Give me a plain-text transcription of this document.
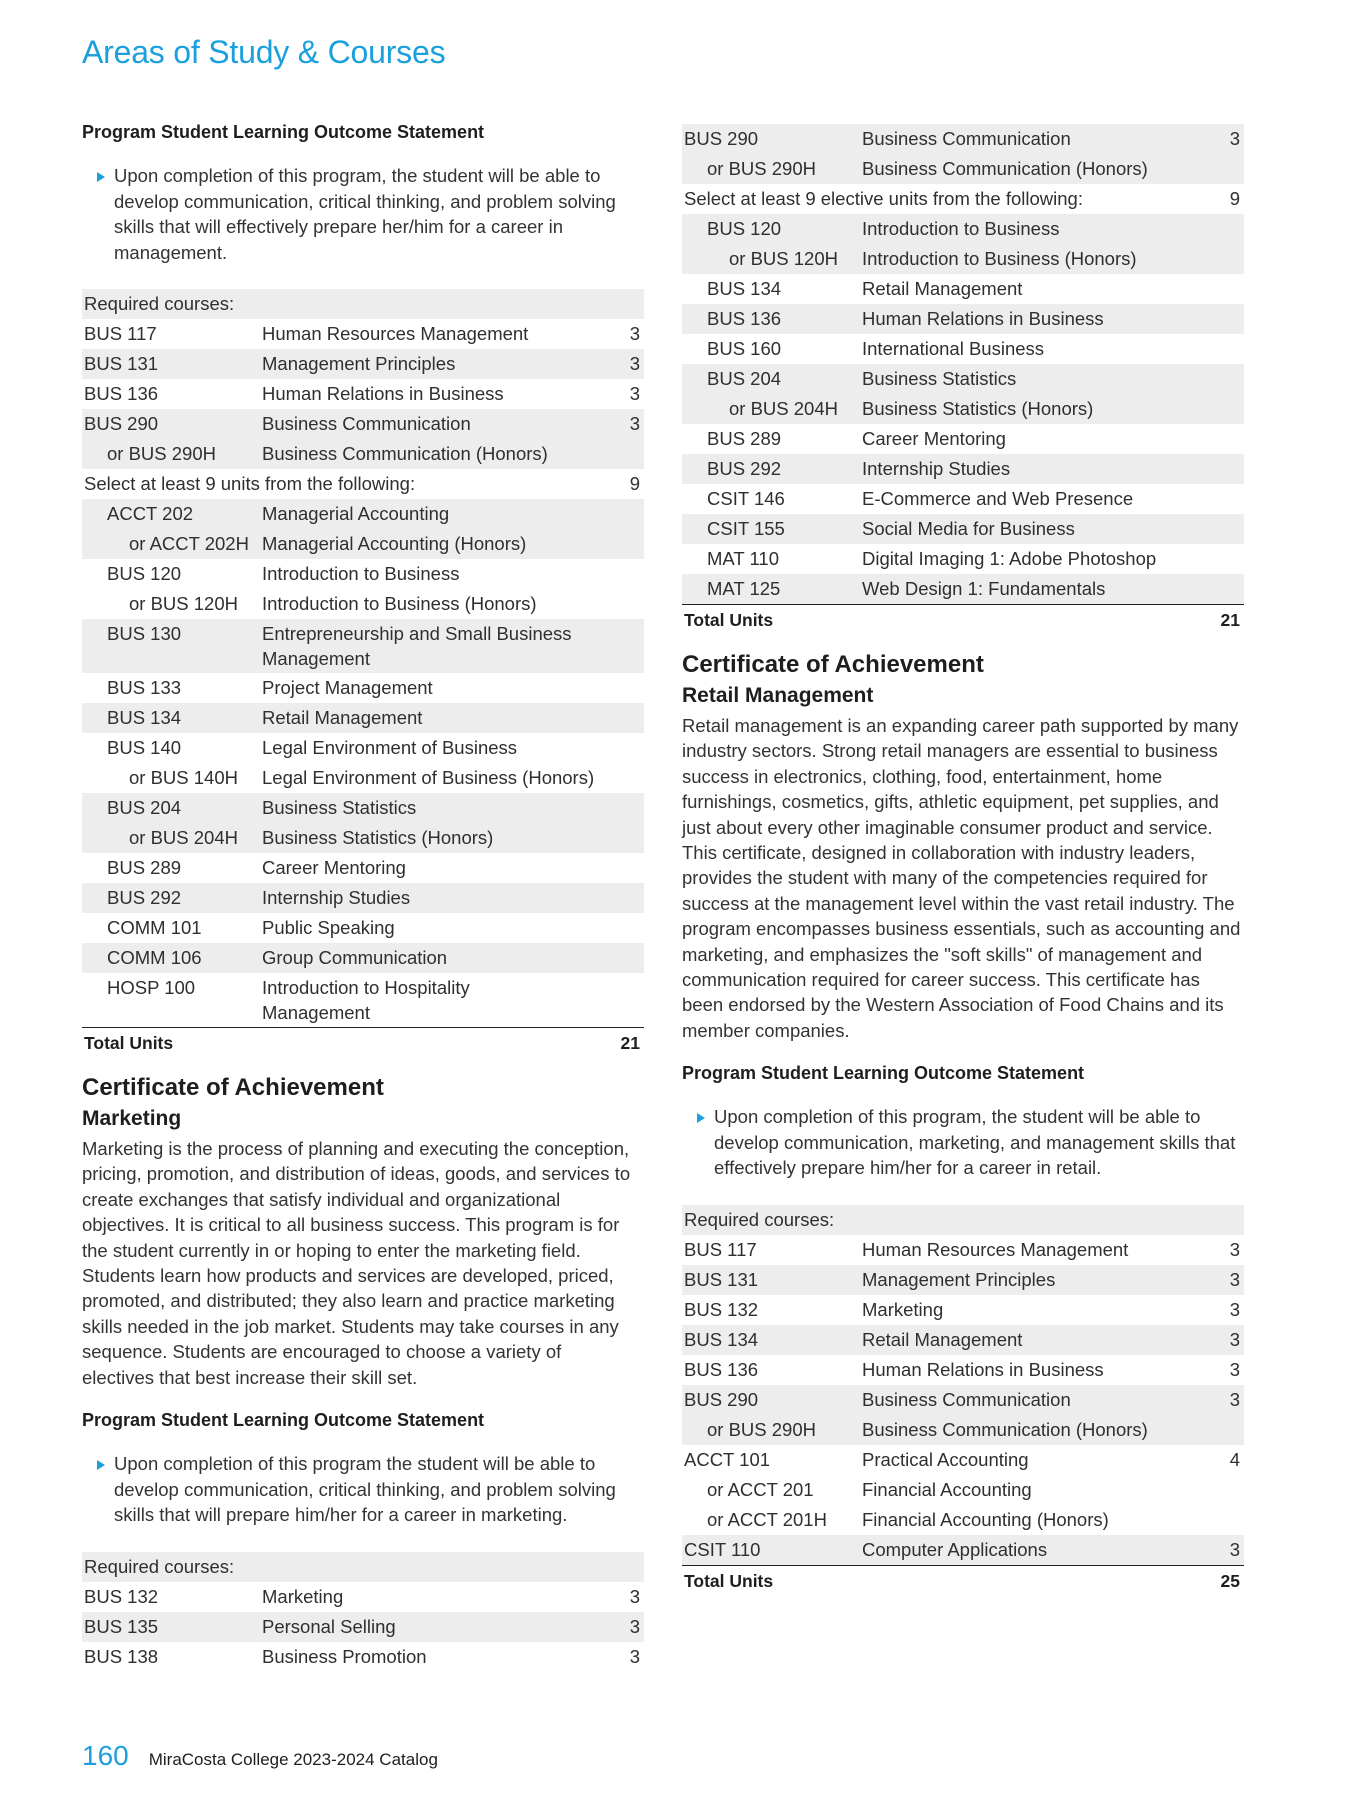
Areas of Study & Courses
Program Student Learning Outcome Statement
Upon completion of this program, the student will be able to develop communication, critical thinking, and problem solving skills that will effectively prepare her/him for a career in management.
Required courses:		
BUS 117	Human Resources Management	3
BUS 131	Management Principles	3
BUS 136	Human Relations in Business	3
BUS 290	Business Communication	3
or BUS 290H	Business Communication (Honors)	
Select at least 9 units from the following:		9
ACCT 202	Managerial Accounting	
or ACCT 202H	Managerial Accounting (Honors)	
BUS 120	Introduction to Business	
or BUS 120H	Introduction to Business (Honors)	
BUS 130	Entrepreneurship and Small Business Management	
BUS 133	Project Management	
BUS 134	Retail Management	
BUS 140	Legal Environment of Business	
or BUS 140H	Legal Environment of Business (Honors)	
BUS 204	Business Statistics	
or BUS 204H	Business Statistics (Honors)	
BUS 289	Career Mentoring	
BUS 292	Internship Studies	
COMM 101	Public Speaking	
COMM 106	Group Communication	
HOSP 100	Introduction to Hospitality Management	
Total Units		21
Certificate of Achievement
Marketing
Marketing is the process of planning and executing the conception, pricing, promotion, and distribution of ideas, goods, and services to create exchanges that satisfy individual and organizational objectives. It is critical to all business success. This program is for the student currently in or hoping to enter the marketing field. Students learn how products and services are developed, priced, promoted, and distributed; they also learn and practice marketing skills needed in the job market. Students may take courses in any sequence. Students are encouraged to choose a variety of electives that best increase their skill set.
Program Student Learning Outcome Statement
Upon completion of this program the student will be able to develop communication, critical thinking, and problem solving skills that will prepare him/her for a career in marketing.
Required courses:		
BUS 132	Marketing	3
BUS 135	Personal Selling	3
BUS 138	Business Promotion	3
BUS 290	Business Communication	3
or BUS 290H	Business Communication (Honors)	
Select at least 9 elective units from the following:		9
BUS 120	Introduction to Business	
or BUS 120H	Introduction to Business (Honors)	
BUS 134	Retail Management	
BUS 136	Human Relations in Business	
BUS 160	International Business	
BUS 204	Business Statistics	
or BUS 204H	Business Statistics (Honors)	
BUS 289	Career Mentoring	
BUS 292	Internship Studies	
CSIT 146	E-Commerce and Web Presence	
CSIT 155	Social Media for Business	
MAT 110	Digital Imaging 1: Adobe Photoshop	
MAT 125	Web Design 1: Fundamentals	
Total Units		21
Certificate of Achievement
Retail Management
Retail management is an expanding career path supported by many industry sectors. Strong retail managers are essential to business success in electronics, clothing, food, entertainment, home furnishings, cosmetics, gifts, athletic equipment, pet supplies, and just about every other imaginable consumer product and service. This certificate, designed in collaboration with industry leaders, provides the student with many of the competencies required for success at the management level within the vast retail industry. The program encompasses business essentials, such as accounting and marketing, and emphasizes the "soft skills" of management and communication required for career success. This certificate has been endorsed by the Western Association of Food Chains and its member companies.
Program Student Learning Outcome Statement
Upon completion of this program, the student will be able to develop communication, marketing, and management skills that effectively prepare him/her for a career in retail.
Required courses:		
BUS 117	Human Resources Management	3
BUS 131	Management Principles	3
BUS 132	Marketing	3
BUS 134	Retail Management	3
BUS 136	Human Relations in Business	3
BUS 290	Business Communication	3
or BUS 290H	Business Communication (Honors)	
ACCT 101	Practical Accounting	4
or ACCT 201	Financial Accounting	
or ACCT 201H	Financial Accounting (Honors)	
CSIT 110	Computer Applications	3
Total Units		25
160 MiraCosta College 2023-2024 Catalog
